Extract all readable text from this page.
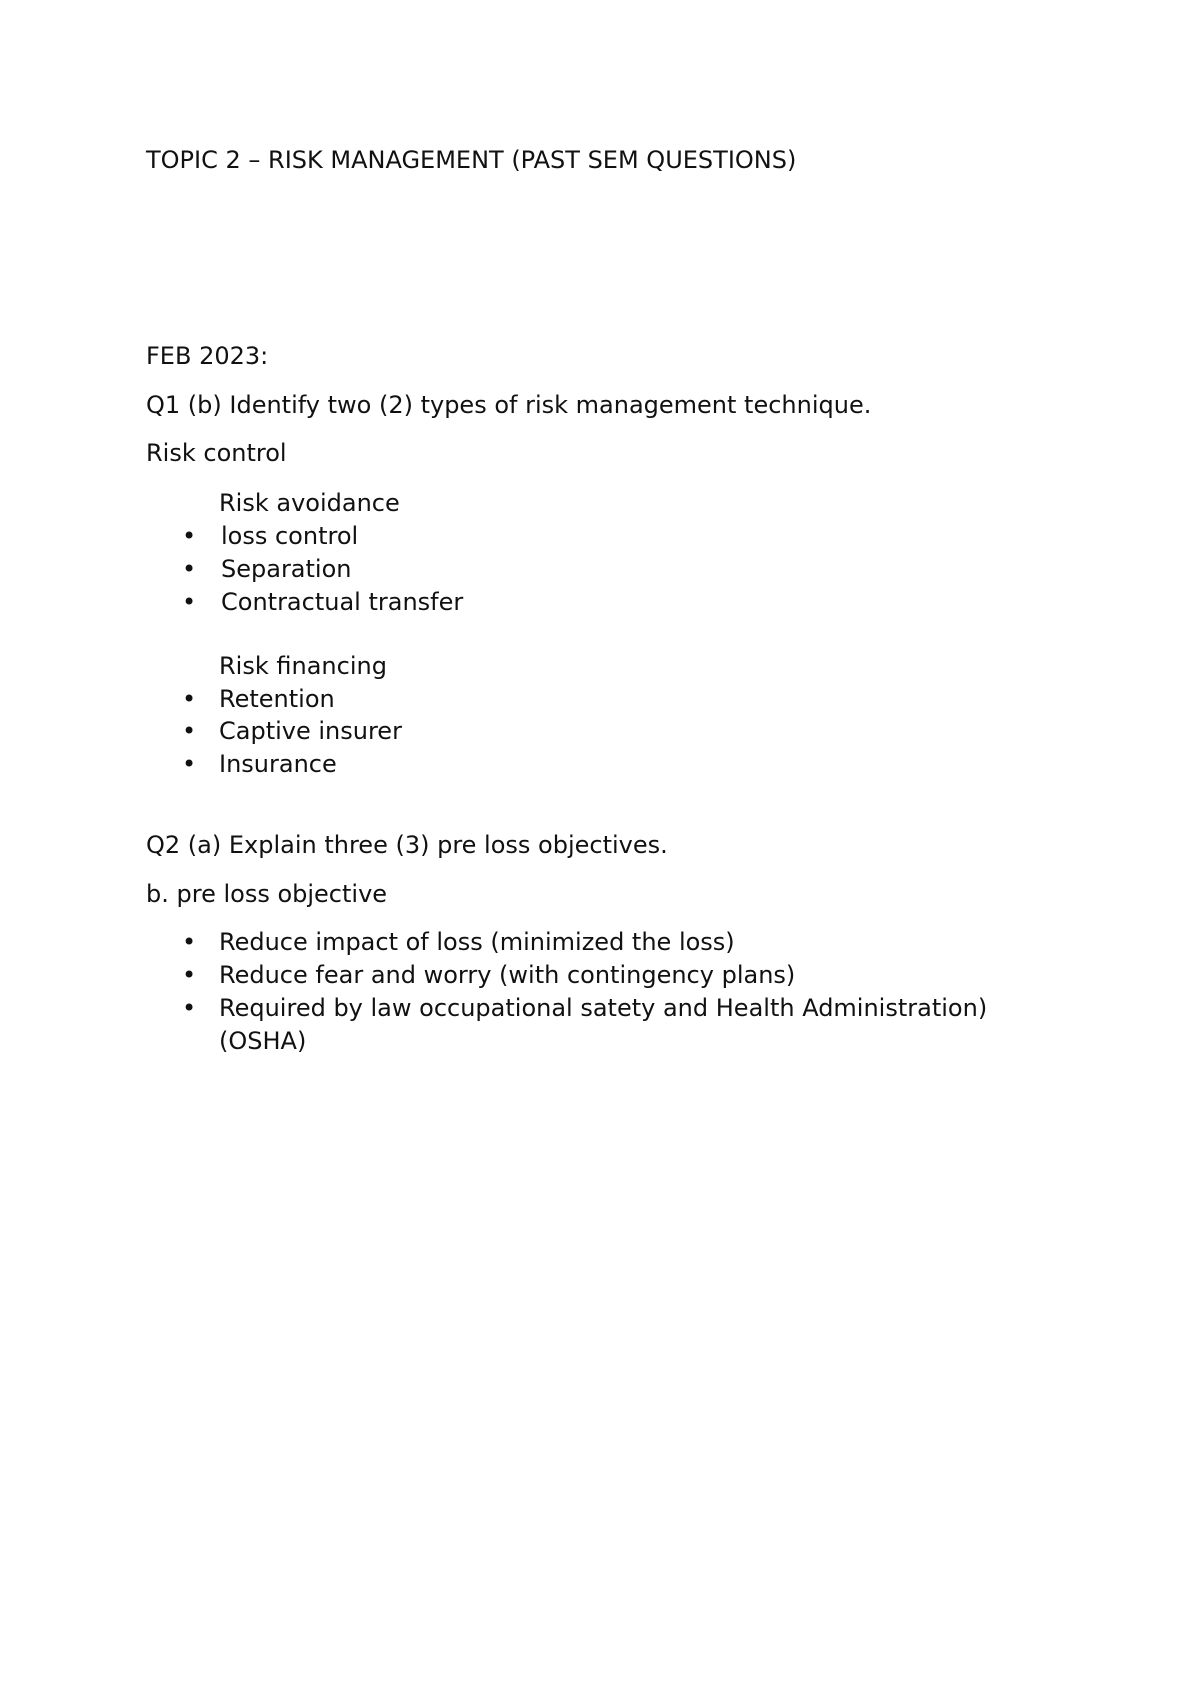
TOPIC 2 – RISK MANAGEMENT (PAST SEM QUESTIONS)
FEB 2023:
Q1 (b) Identify two (2) types of risk management technique.
Risk control
Risk avoidance
• loss control
• Separation
• Contractual transfer
Risk financing
• Retention
• Captive insurer
• Insurance
Q2 (a) Explain three (3) pre loss objectives.
b. pre loss objective
• Reduce impact of loss (minimized the loss)
• Reduce fear and worry (with contingency plans)
• Required by law occupational satety and Health Administration)
(OSHA)
